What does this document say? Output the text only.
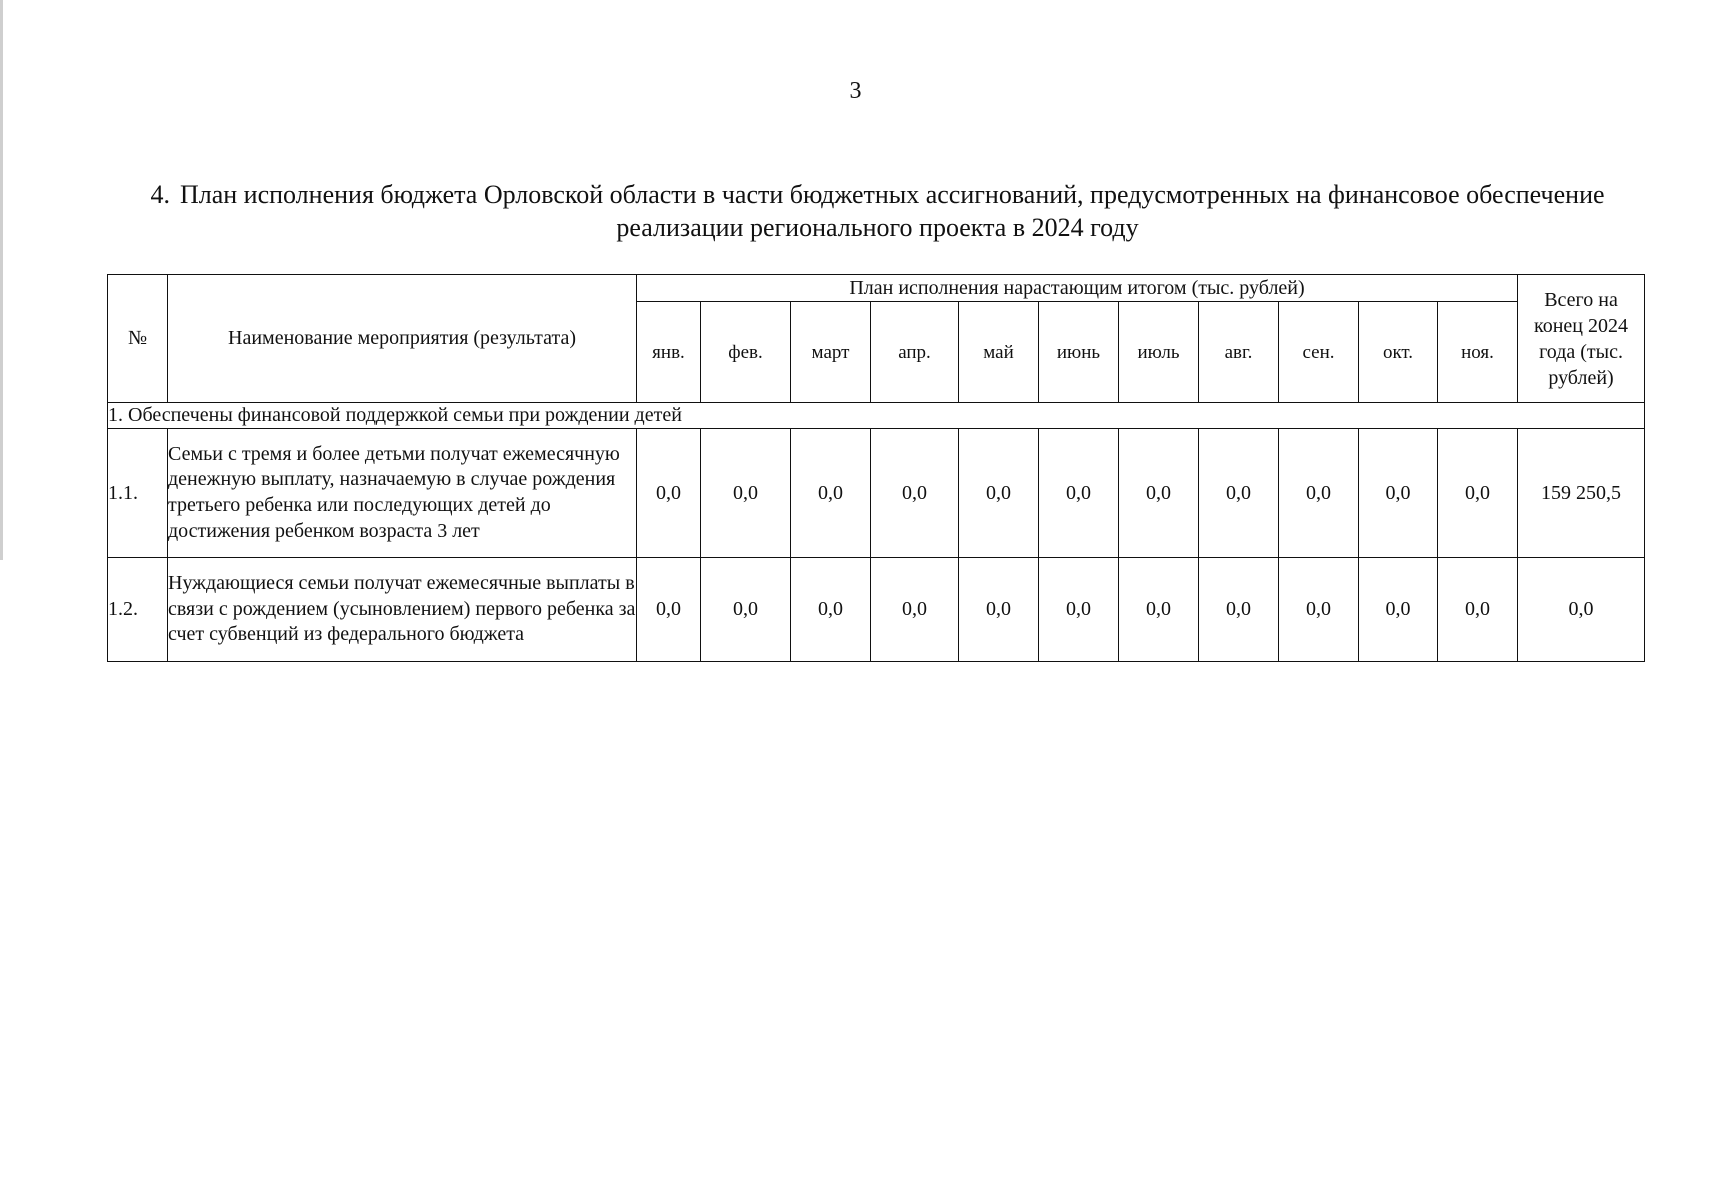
3
4. План исполнения бюджета Орловской области в части бюджетных ассигнований, предусмотренных на финансовое обеспечение реализации регионального проекта в 2024 году
№	Наименование мероприятия (результата)	План исполнения нарастающим итогом (тыс. рублей)											Всего на конец 2024 года (тыс. рублей)
		янв.	фев.	март	апр.	май	июнь	июль	авг.	сен.	окт.	ноя.	
1. Обеспечены финансовой поддержкой семьи при рождении детей													
1.1.	Семьи с тремя и более детьми получат ежемесячную денежную выплату, назначаемую в случае рождения третьего ребенка или последующих детей до достижения ребенком возраста 3 лет	0,0	0,0	0,0	0,0	0,0	0,0	0,0	0,0	0,0	0,0	0,0	159 250,5
1.2.	Нуждающиеся семьи получат ежемесячные выплаты в связи с рождением (усыновлением) первого ребенка за счет субвенций из федерального бюджета	0,0	0,0	0,0	0,0	0,0	0,0	0,0	0,0	0,0	0,0	0,0	0,0
